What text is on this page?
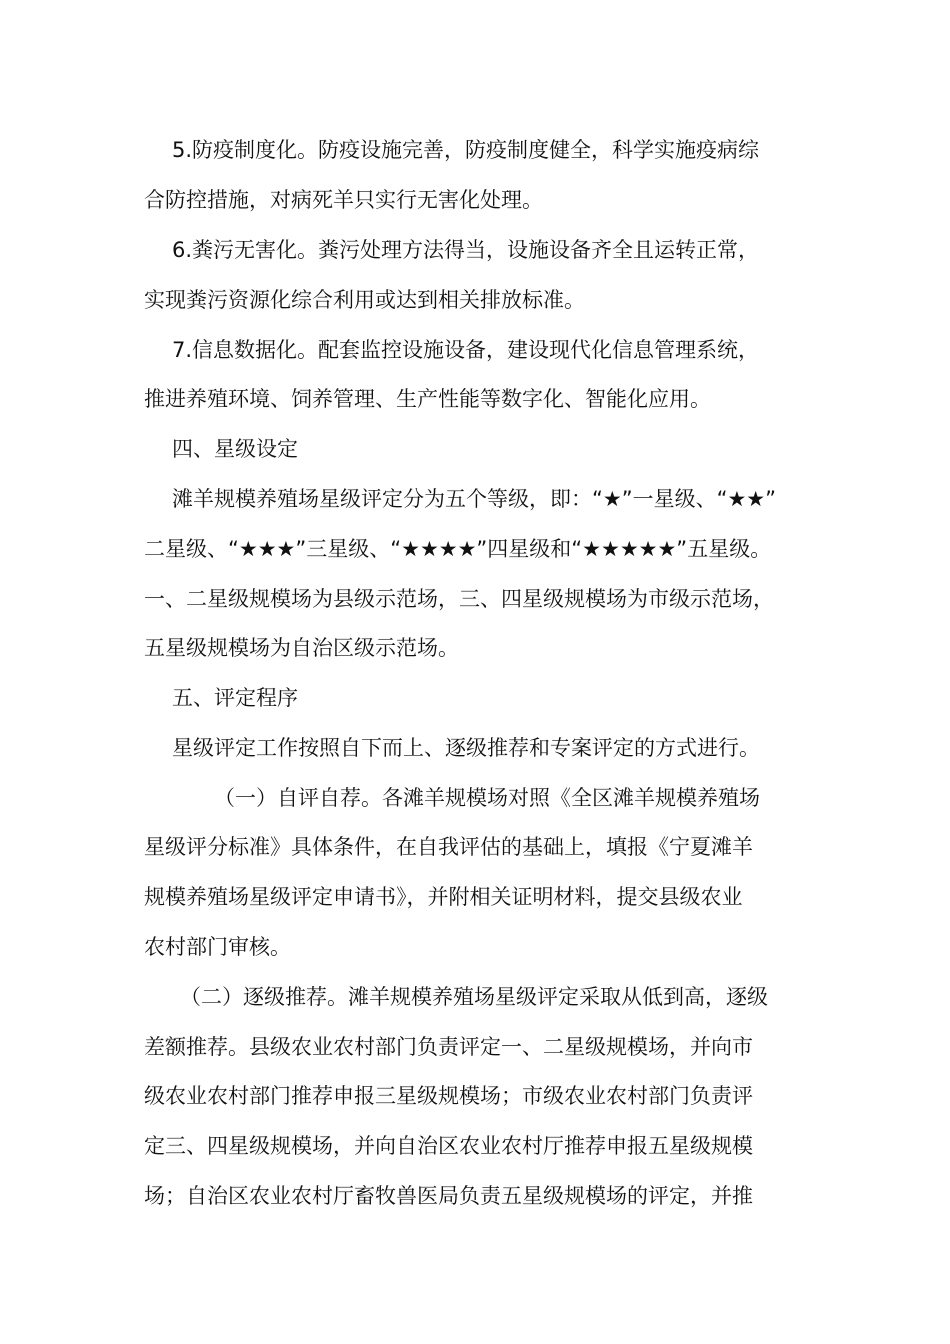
5.防疫制度化。防疫设施完善，防疫制度健全，科学实施疫病综
合防控措施，对病死羊只实行无害化处理。
6.粪污无害化。粪污处理方法得当，设施设备齐全且运转正常，
实现粪污资源化综合利用或达到相关排放标准。
7.信息数据化。配套监控设施设备，建设现代化信息管理系统，
推进养殖环境、饲养管理、生产性能等数字化、智能化应用。
四、星级设定
滩羊规模养殖场星级评定分为五个等级，即：“★”一星级、“★★”
二星级、“★★★”三星级、“★★★★”四星级和“★★★★★”五星级。
一、二星级规模场为县级示范场，三、四星级规模场为市级示范场，
五星级规模场为自治区级示范场。
五、评定程序
星级评定工作按照自下而上、逐级推荐和专案评定的方式进行。
（一）自评自荐。各滩羊规模场对照《全区滩羊规模养殖场
星级评分标准》具体条件，在自我评估的基础上，填报《宁夏滩羊
规模养殖场星级评定申请书》，并附相关证明材料，提交县级农业
农村部门审核。
（二）逐级推荐。滩羊规模养殖场星级评定采取从低到高，逐级
差额推荐。县级农业农村部门负责评定一、二星级规模场，并向市
级农业农村部门推荐申报三星级规模场；市级农业农村部门负责评
定三、四星级规模场，并向自治区农业农村厅推荐申报五星级规模
场；自治区农业农村厅畜牧兽医局负责五星级规模场的评定，并推
